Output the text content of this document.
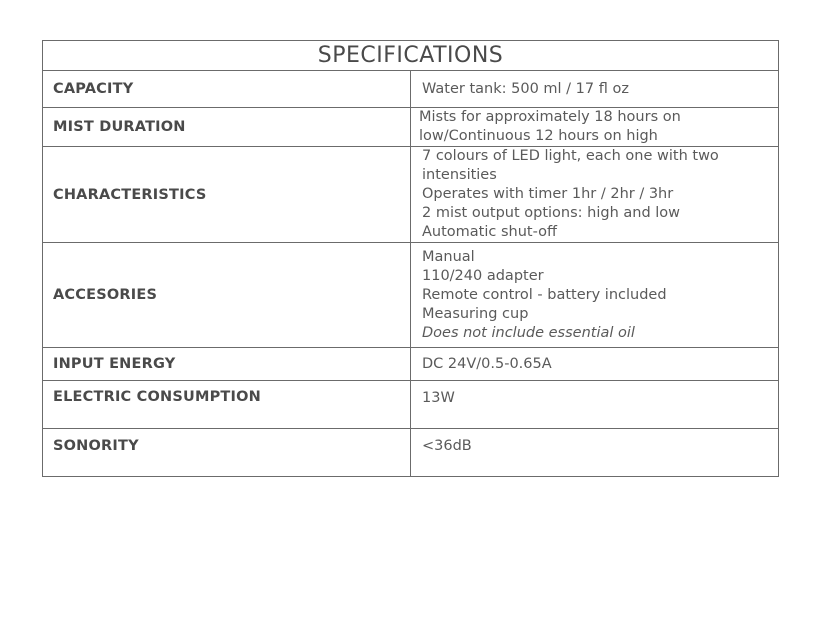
SPECIFICATIONS	
CAPACITY	Water tank: 500 ml / 17 fl oz

MIST DURATION	Mists for approximately 18 hours on low/Continuous 12 hours on high

CHARACTERISTICS	7 colours of LED light, each one with two intensities
Operates with timer 1hr / 2hr / 3hr
2 mist output options: high and low
Automatic shut-off

ACCESORIES	Manual
110/240 adapter
Remote control - battery included
Measuring cup
Does not include essential oil

INPUT ENERGY	DC 24V/0.5-0.65A

ELECTRIC CONSUMPTION	13W

SONORITY	<36dB
